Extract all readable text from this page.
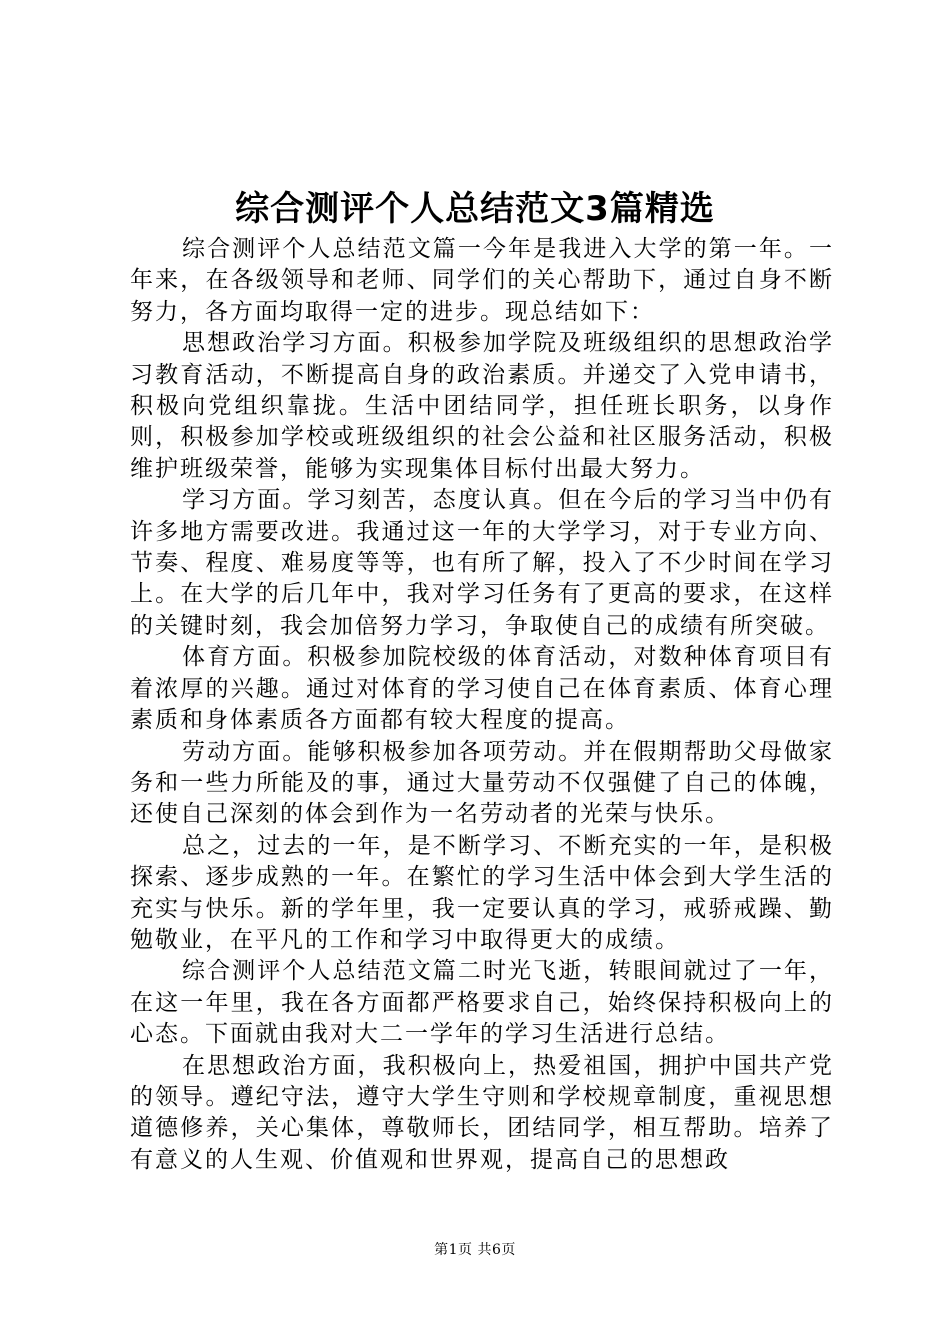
综合测评个人总结范文3篇精选

综合测评个人总结范文篇一今年是我进入大学的第一年。一年来，在各级领导和老师、同学们的关心帮助下，通过自身不断努力，各方面均取得一定的进步。现总结如下：

思想政治学习方面。积极参加学院及班级组织的思想政治学习教育活动，不断提高自身的政治素质。并递交了入党申请书，积极向党组织靠拢。生活中团结同学，担任班长职务，以身作则，积极参加学校或班级组织的社会公益和社区服务活动，积极维护班级荣誉，能够为实现集体目标付出最大努力。

学习方面。学习刻苦，态度认真。但在今后的学习当中仍有许多地方需要改进。我通过这一年的大学学习，对于专业方向、节奏、程度、难易度等等，也有所了解，投入了不少时间在学习上。在大学的后几年中，我对学习任务有了更高的要求，在这样的关键时刻，我会加倍努力学习，争取使自己的成绩有所突破。

体育方面。积极参加院校级的体育活动，对数种体育项目有着浓厚的兴趣。通过对体育的学习使自己在体育素质、体育心理素质和身体素质各方面都有较大程度的提高。

劳动方面。能够积极参加各项劳动。并在假期帮助父母做家务和一些力所能及的事，通过大量劳动不仅强健了自己的体魄，还使自己深刻的体会到作为一名劳动者的光荣与快乐。

总之，过去的一年，是不断学习、不断充实的一年，是积极探索、逐步成熟的一年。在繁忙的学习生活中体会到大学生活的充实与快乐。新的学年里，我一定要认真的学习，戒骄戒躁、勤勉敬业，在平凡的工作和学习中取得更大的成绩。

综合测评个人总结范文篇二时光飞逝，转眼间就过了一年，在这一年里，我在各方面都严格要求自己，始终保持积极向上的心态。下面就由我对大二一学年的学习生活进行总结。

在思想政治方面，我积极向上，热爱祖国，拥护中国共产党的领导。遵纪守法，遵守大学生守则和学校规章制度，重视思想道德修养，关心集体，尊敬师长，团结同学，相互帮助。培养了有意义的人生观、价值观和世界观，提高自己的思想政

第1页 共6页
